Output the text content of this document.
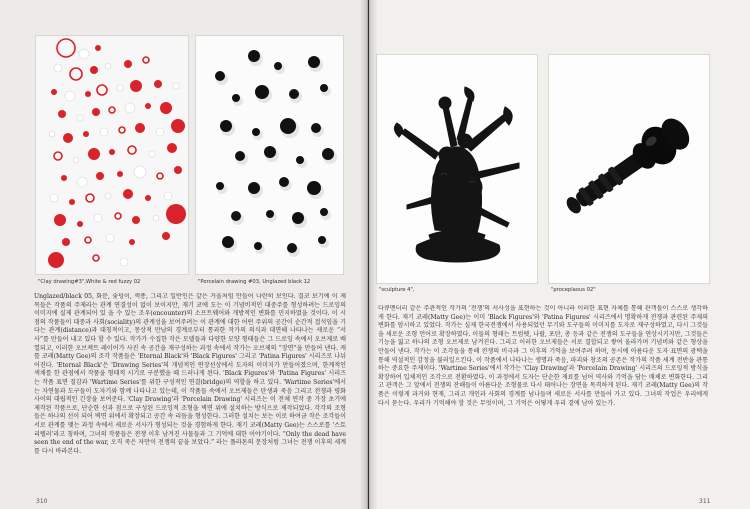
"Clay drawing#3",White & red fuzzy 02	"Porcelain drawing #03, Unglazed black 12

Unglazed/black 05, 화분, 숯덩이, 색종, 그리고 일반인은 같은 거울처럼 만들어 나란히 보인다. 결코 보기에 이 제목들은 작품의 주제라는 관계 연결성이 없이 보이지만, 재기 코에 도는 이 기념비적인 대중주를 형성하려는 드로잉의 이미지에 실제 관계되어 있 을 수 있는 조우(encounter)의 소프트웨어와 개방적인 변화를 민지하였을 것이다. 이 시점의 작품들이 대중과 사회(sociality)의 관계성을 보여주려는 이 관계에 대한 어떤 주위의 공간이 순간적 접석임을 기다는 관계(distance)과 대칭적이고, 몽상적 만남의 경계로부터 통과한 작가의 의식과 대면해 나타나는 새로운 “서사”를 만들어 내고 있다 할 수 있다. 작가가 수집한 작은 모델들과 다양한 모양 형태들은 그 드로잉 속에서 오브제로 배열되고, 이러한 오브젝트 레이어가 사진 속 공간을 재구성하는 과정 속에서 작가는 오브제의 “장면”을 만들어 낸다. 캐틀 코레(Matty Gee)의 조각 작품들은 'Eternal Black'와 'Black Figures' 그리고 'Patina Figures' 시리즈로 나뉘어진다. 'Eternal Black'은 'Drawing Series'의 개념적인 연장선상에서 도자의 이미지가 만들어졌으며, 한계적인 색채를 한 관점에서 작품을 형태적 시기로 구분했을 때 드러나게 된다. 'Black Figures'와 'Patina Figures' 시리즈는 작품 표면 질감과 'Wartime Series'를 위한 구성적인 연결(bridge)의 역할을 하고 있다. 'Wartime Series'에서는 자연물과 도구들이 도자기와 함께 나타나고 있는데, 이 작품들 속에서 오브제들은 탄생과 죽음 그리고 전쟁과 평화 사이의 대립적인 긴장을 보여준다. 'Clay Drawing'과 'Porcelain Drawing' 시리즈는 이 전체 연작 중 가장 초기에 제작된 작품으로, 단순한 선과 점으로 구성된 드로잉적 조형을 벽면 위에 설치하는 방식으로 제작되었다. 각각의 조형들은 하나의 선이 되어 벽면 위에서 확장되고 공간 속 리듬을 형성한다. 그러한 설치는 보는 이로 하여금 작은 조각들이 서로 관계를 맺는 과정 속에서 새로운 서사가 형성되는 것을 경험하게 한다. 재기 코레(Matty Gee)는 스스로를 '스토리텔러'라고 칭하며, 그녀의 작품들은 전쟁 이후 남겨진 사물들과 그 기억에 대한 이야기이다. “Only the dead have seen the end of the war, 오직 죽은 자만이 전쟁의 끝을 보았다.” 라는 플라톤의 문장처럼 그녀는 전쟁 이후의 세계를 다시 바라본다.

310
"sculpture 4",	"proceplaous 02"

다큐멘터리 같은 주관적인 작가의 '전쟁'의 서사성을 표현하는 것이 아니라 이러한 표현 자체를 통해 관객들이 스스로 생각하게 한다. 재기 코레(Matty Gee)는 이미 'Black Figures'와 'Patina Figures' 시리즈에서 명확하게 전쟁과 관련된 주제의 변화를 암시하고 있었다. 작가는 실제 한국전쟁에서 사용되었던 무기와 도구들의 이미지를 도자로 재구성하였고, 다시 그것들을 새로운 조형 언어로 확장하였다. 이들의 형태는 트럼펫, 나팔, 포탄, 총 등과 같은 전쟁의 도구들을 연상시키지만, 그것들은 기능을 잃고 하나의 조형 오브제로 남겨진다. 그리고 이러한 오브제들은 서로 결합되고 쌓여 올라가며 기념비와 같은 형상을 만들어 낸다. 작가는 이 조각들을 통해 전쟁의 비극과 그 이후의 기억을 보여주려 하며, 동시에 아름다운 도자 표면의 광택을 통해 역설적인 감정을 불러일으킨다. 이 작품에서 나타나는 생명과 죽음, 파괴와 창조의 공존은 작가의 작품 세계 전반을 관통하는 중요한 주제이다. 'Wartime Series'에서 작가는 'Clay Drawing'과 'Porcelain Drawing' 시리즈의 드로잉적 방식을 확장하여 입체적인 조각으로 전환하였다. 이 과정에서 도자는 단순한 재료를 넘어 역사와 기억을 담는 매체로 변화한다. 그리고 관객은 그 앞에서 전쟁의 잔해들이 아름다운 조형물로 다시 태어나는 장면을 목격하게 된다. 재기 코레(Matty Gee)의 작품은 이렇게 과거와 현재, 그리고 개인과 사회의 경계를 넘나들며 새로운 서사를 만들어 가고 있다. 그녀의 작업은 우리에게 다시 묻는다. 우리가 기억해야 할 것은 무엇이며, 그 기억은 어떻게 우리 곁에 남아 있는가.

311
